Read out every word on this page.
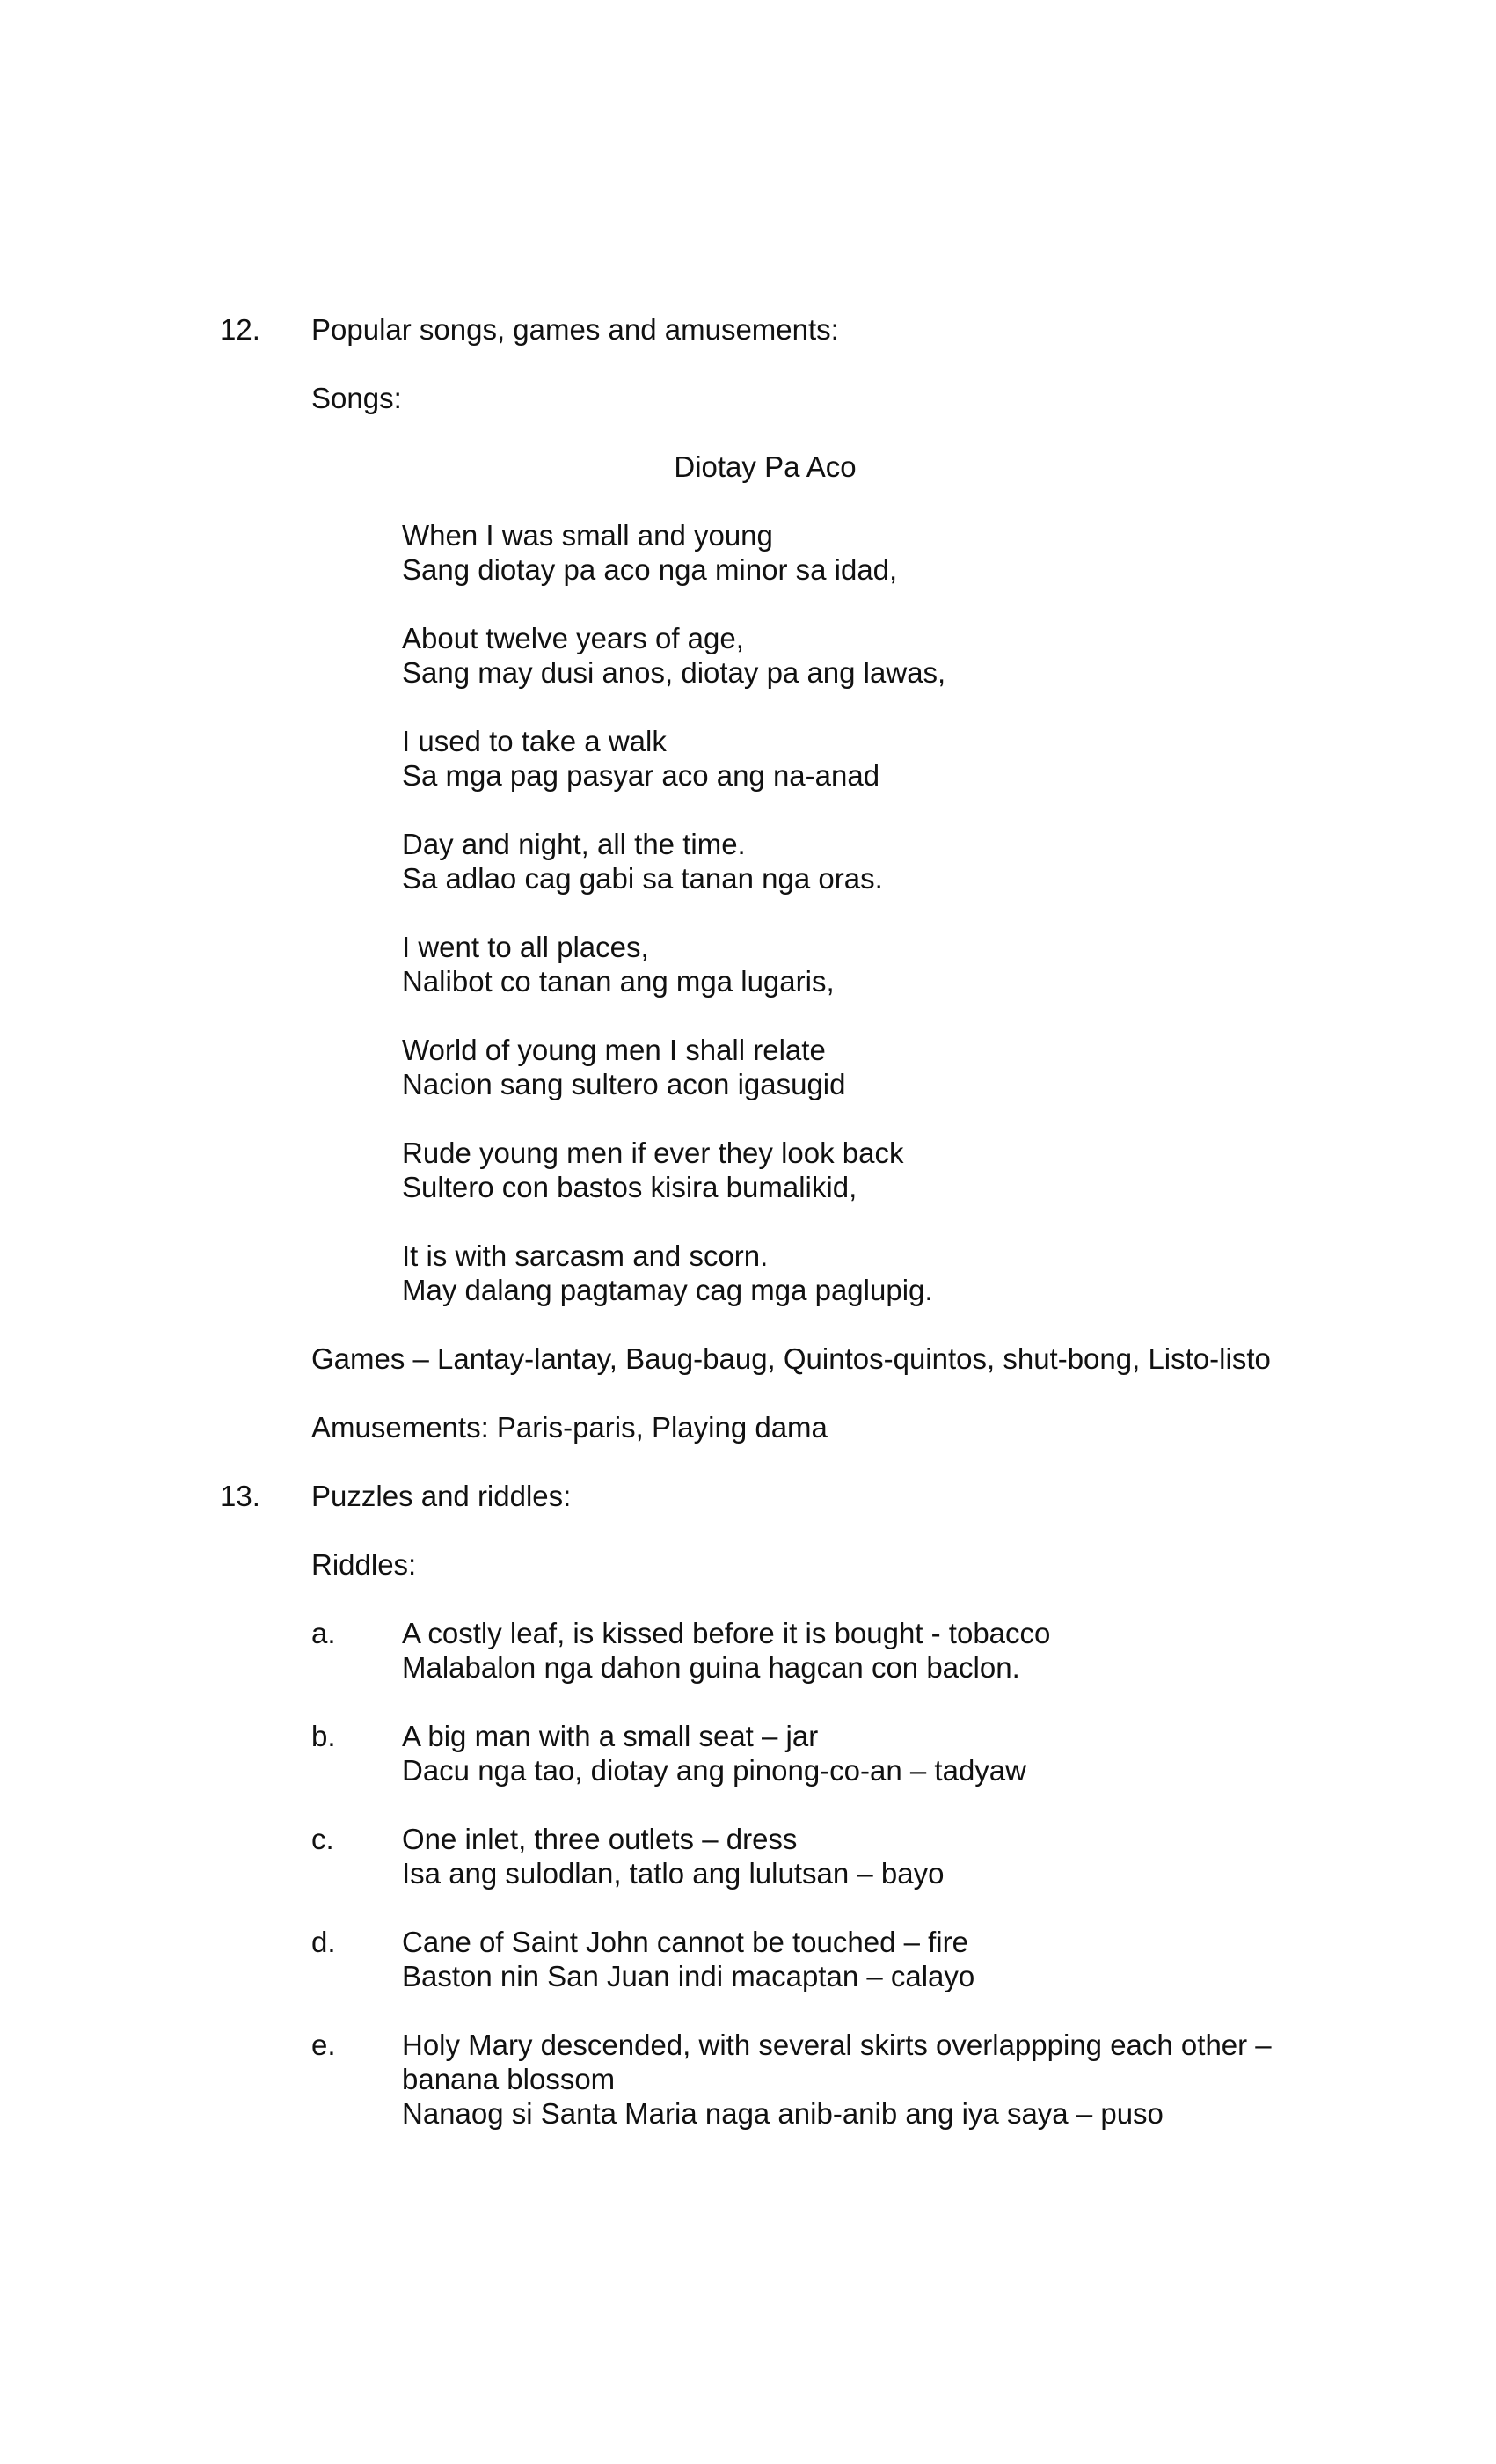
12. Popular songs, games and amusements:
Songs:
Diotay Pa Aco
When I was small and young
Sang diotay pa aco nga minor sa idad,
About twelve years of age,
Sang may dusi anos, diotay pa ang lawas,
I used to take a walk
Sa mga pag pasyar aco ang na-anad
Day and night, all the time.
Sa adlao cag gabi sa tanan nga oras.
I went to all places,
Nalibot co tanan ang mga lugaris,
World of young men I shall relate
Nacion sang sultero acon igasugid
Rude young men if ever they look back
Sultero con bastos kisira bumalikid,
It is with sarcasm and scorn.
May dalang pagtamay cag mga paglupig.
Games – Lantay-lantay, Baug-baug, Quintos-quintos, shut-bong, Listo-listo
Amusements: Paris-paris, Playing dama
13. Puzzles and riddles:
Riddles:
a. A costly leaf, is kissed before it is bought - tobacco
Malabalon nga dahon guina hagcan con baclon.
b. A big man with a small seat – jar
Dacu nga tao, diotay ang pinong-co-an – tadyaw
c. One inlet, three outlets – dress
Isa ang sulodlan, tatlo ang lulutsan – bayo
d. Cane of Saint John cannot be touched – fire
Baston nin San Juan indi macaptan – calayo
e. Holy Mary descended, with several skirts overlappping each other –
banana blossom
Nanaog si Santa Maria naga anib-anib ang iya saya – puso
